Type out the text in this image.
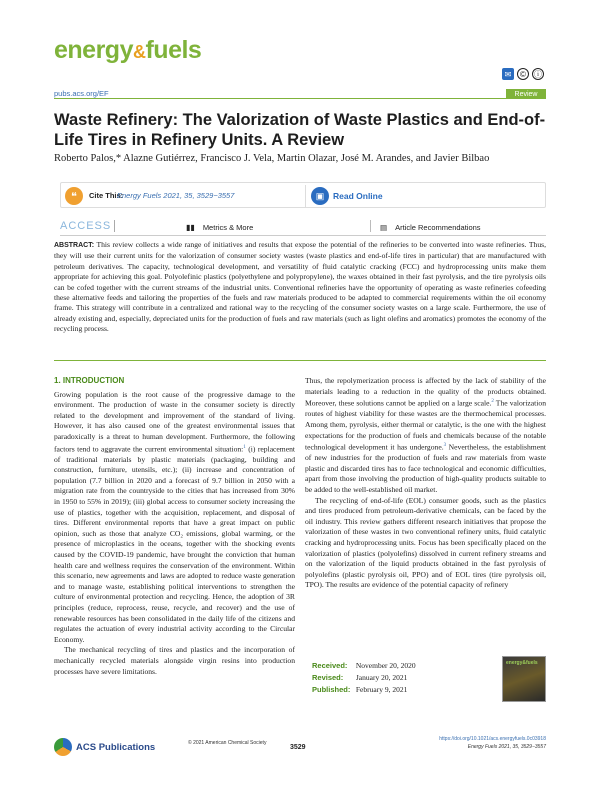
energy&fuels
✉	©	ⓘ
pubs.acs.org/EF	Review
Waste Refinery: The Valorization of Waste Plastics and End-of-Life Tires in Refinery Units. A Review
Roberto Palos,* Alazne Gutiérrez, Francisco J. Vela, Martin Olazar, José M. Arandes, and Javier Bilbao
❝	Cite This:
Energy Fuels 2021, 35, 3529−3557	▣	Read Online
ACCESS	▮▮ Metrics & More	▤ Article Recommendations
ABSTRACT: This review collects a wide range of initiatives and results that expose the potential of the refineries to be converted into waste refineries. Thus, they will use their current units for the valorization of consumer society wastes (waste plastics and end-of-life tires in particular) that are manufactured with petroleum derivatives. The capacity, technological development, and versatility of fluid catalytic cracking (FCC) and hydroprocessing units make them appropriate for achieving this goal. Polyolefinic plastics (polyethylene and polypropylene), the waxes obtained in their fast pyrolysis, and the tire pyrolysis oils can be cofed together with the current streams of the industrial units. Conventional refineries have the opportunity of operating as waste refineries cofeeding these alternative feeds and tailoring the properties of the fuels and raw materials produced to be adapted to commercial requirements within the oil economy frame. This strategy will contribute in a centralized and rational way to the recycling of the consumer society wastes on a large scale. Furthermore, the use of already existing and, especially, depreciated units for the production of fuels and raw materials (such as light olefins and aromatics) promotes the economy of the recycling process.
1. INTRODUCTION

Growing population is the root cause of the progressive damage to the environment. The production of waste in the consumer society is directly related to the development and improvement of the standard of living. However, it has also caused one of the greatest environmental issues that paradoxically is a threat to human development. Furthermore, the following factors tend to aggravate the current environmental situation:$^1$ (i) replacement of traditional materials by plastic materials (packaging, building and construction, furniture, utensils, etc.); (ii) increase and concentration of population (7.7 billion in 2020 and a forecast of 9.7 billion in 2050 with a migration rate from the countryside to the cities that has increased from 30% in 1950 to 55% in 2019); (iii) global access to consumer society increasing the use of plastics, together with the acquisition, replacement, and disposal of tires. Different environmental reports that have a great impact on public opinion, such as those that analyze CO₂ emissions, global warming, or the presence of microplastics in the oceans, together with the shocking events caused by the COVID-19 pandemic, have brought the conviction that human health care and wellness requires the conservation of the environment. Within this scenario, new agreements and laws are adopted to reduce waste generation and to manage waste, establishing political interventions to strengthen the culture of environmental protection and recycling. Hence, the adoption of 3R principles (reduce, reprocess, reuse, recycle, and recover) and the use of renewable resources has been consolidated in the daily life of the citizens and regulates the actuation of every industrial activity according to the Circular Economy.

The mechanical recycling of tires and plastics and the incorporation of mechanically recycled materials alongside virgin resins into production processes have severe limitations.

Thus, the repolymerization process is affected by the lack of stability of the materials leading to a reduction in the quality of the products obtained. Moreover, these solutions cannot be applied on a large scale.$^2$ The valorization routes of highest viability for these wastes are the thermochemical processes. Among them, pyrolysis, either thermal or catalytic, is the one with the highest expectations for the production of fuels and chemicals because of the notable technological development it has undergone.$^3$ Nevertheless, the establishment of new industries for the production of fuels and raw materials from waste plastic and discarded tires has to face technological and economic difficulties, apart from those involving the production of high-quality products suitable to be added to the well-established oil market.

The recycling of end-of-life (EOL) consumer goods, such as the plastics and tires produced from petroleum-derivative chemicals, can be faced by the oil industry. This review gathers different research initiatives that propose the valorization of these wastes in two conventional refinery units, fluid catalytic cracking and hydroprocessing units. Focus has been specifically placed on the valorization of plastics (polyolefins) dissolved in current refinery streams and on the valorization of the liquid products obtained in the fast pyrolysis of polyolefins (plastic pyrolysis oil, PPO) and of EOL tires (tire pyrolysis oil, TPO). The results are evidence of the potential capacity of refinery

Received: November 20, 2020
Revised: January 20, 2021
Published: February 9, 2021
energy&fuels
ACS Publications	© 2021 American Chemical Society
3529
https://doi.org/10.1021/acs.energyfuels.0c03918
Energy Fuels 2021, 35, 3529−3557
